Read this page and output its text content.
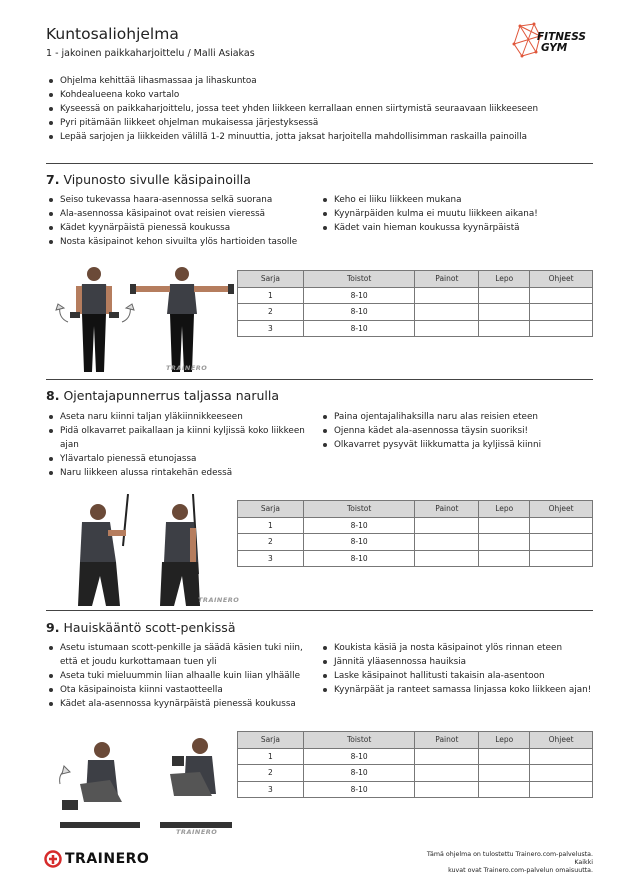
Kuntosaliohjelma
1 - jakoinen paikkaharjoittelu / Malli Asiakas
FITNESS
GYM
Ohjelma kehittää lihasmassaa ja lihaskuntoa
Kohdealueena koko vartalo
Kyseessä on paikkaharjoittelu, jossa teet yhden liikkeen kerrallaan ennen siirtymistä seuraavaan liikkeeseen
Pyri pitämään liikkeet ohjelman mukaisessa järjestyksessä
Lepää sarjojen ja liikkeiden välillä 1-2 minuuttia, jotta jaksat harjoitella mahdollisimman raskailla painoilla
7. Vipunosto sivulle käsipainoilla
Seiso tukevassa haara-asennossa selkä suorana
Ala-asennossa käsipainot ovat reisien vieressä
Kädet kyynärpäistä pienessä koukussa
Nosta käsipainot kehon sivuilta ylös hartioiden tasolle
Keho ei liiku liikkeen mukana
Kyynärpäiden kulma ei muutu liikkeen aikana!
Kädet vain hieman koukussa kyynärpäistä
TRAINERO
Sarja	Toistot	Painot	Lepo	Ohjeet
1	8-10			
2	8-10			
3	8-10			
8. Ojentajapunnerrus taljassa narulla
Aseta naru kiinni taljan yläkiinnikkeeseen
Pidä olkavarret paikallaan ja kiinni kyljissä koko liikkeen ajan
Ylävartalo pienessä etunojassa
Naru liikkeen alussa rintakehän edessä
Paina ojentajalihaksilla naru alas reisien eteen
Ojenna kädet ala-asennossa täysin suoriksi!
Olkavarret pysyvät liikkumatta ja kyljissä kiinni
TRAINERO
Sarja	Toistot	Painot	Lepo	Ohjeet
1	8-10			
2	8-10			
3	8-10			
9. Hauiskääntö scott-penkissä
Asetu istumaan scott-penkille ja säädä käsien tuki niin, että et joudu kurkottamaan tuen yli
Aseta tuki mieluummin liian alhaalle kuin liian ylhäälle
Ota käsipainoista kiinni vastaotteella
Kädet ala-asennossa kyynärpäistä pienessä koukussa
Koukista käsiä ja nosta käsipainot ylös rinnan eteen
Jännitä yläasennossa hauiksia
Laske käsipainot hallitusti takaisin ala-asentoon
Kyynärpäät ja ranteet samassa linjassa koko liikkeen ajan!
TRAINERO
Sarja	Toistot	Painot	Lepo	Ohjeet
1	8-10			
2	8-10			
3	8-10			
TRAINERO	Tämä ohjelma on tulostettu Trainero.com-palvelusta. Kaikki
kuvat ovat Trainero.com-palvelun omaisuutta.
